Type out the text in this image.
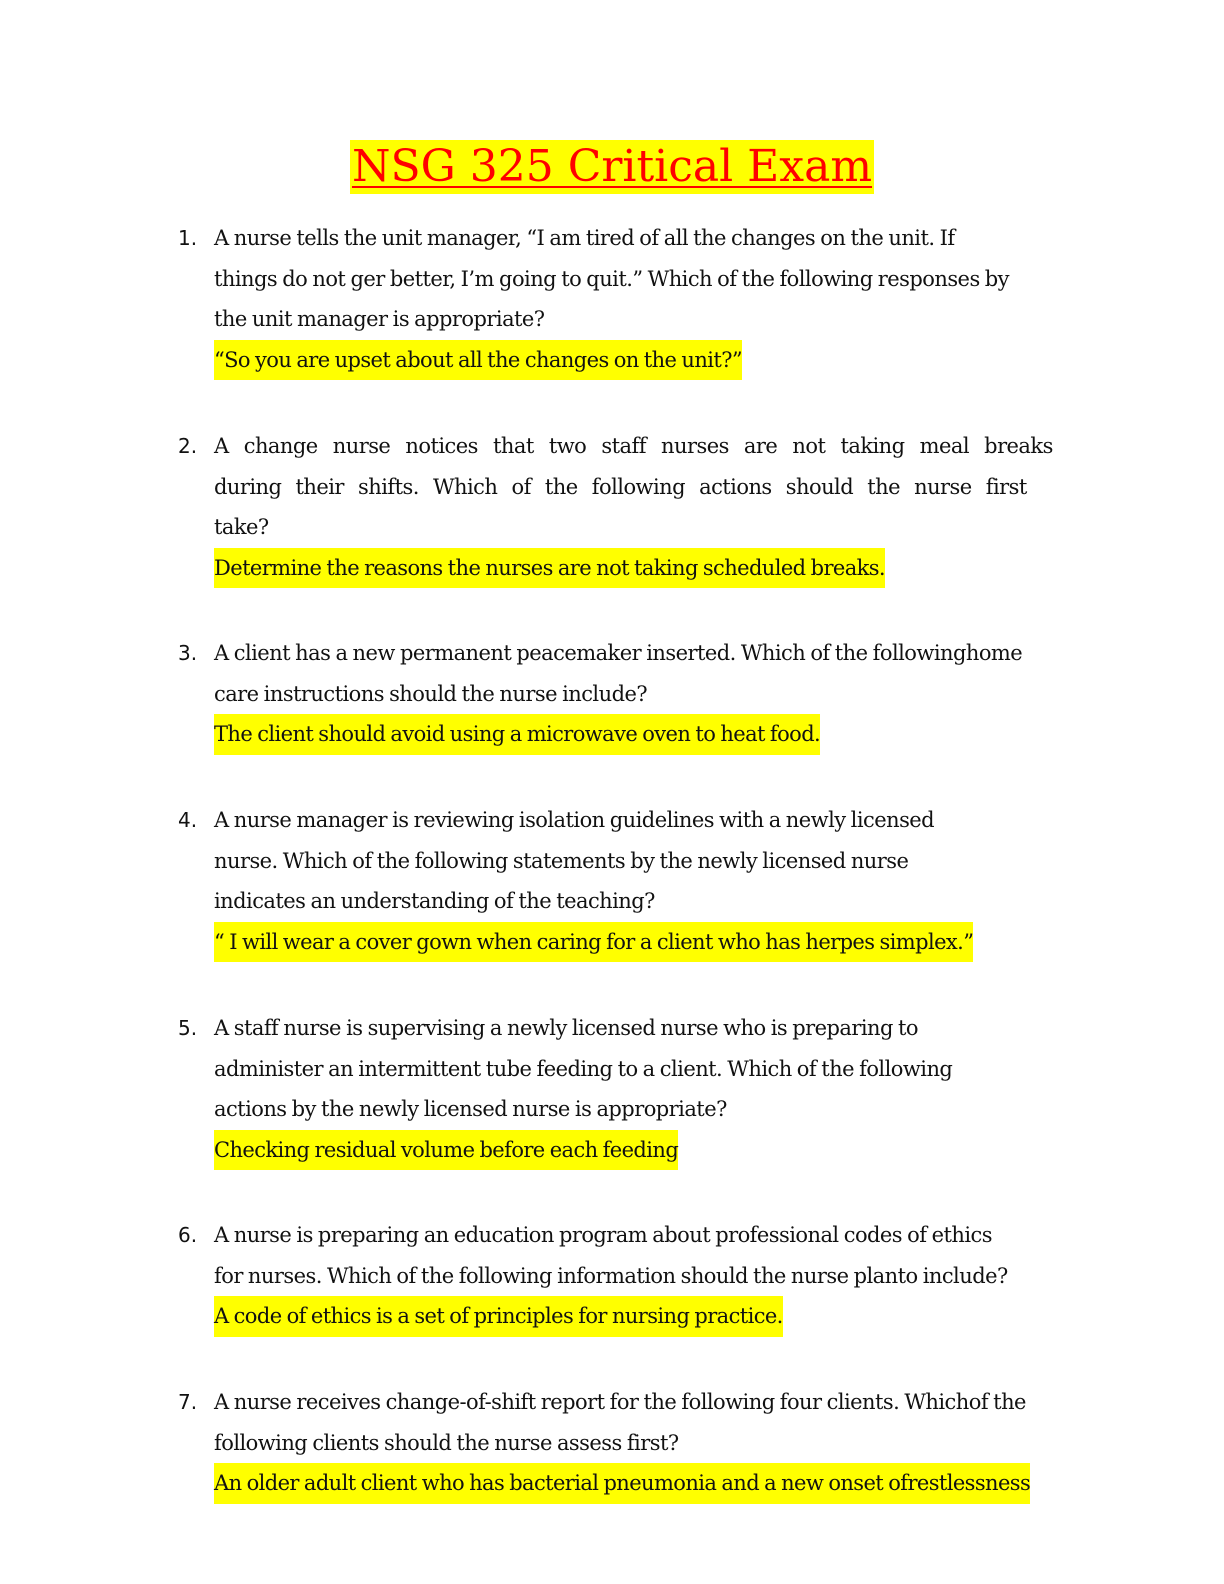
NSG 325 Critical Exam
1. A nurse tells the unit manager, “I am tired of all the changes on the unit. If
things do not ger better, I’m going to quit.” Which of the following responses by
the unit manager is appropriate?
“So you are upset about all the changes on the unit?”
2. A change nurse notices that two staff nurses are not taking meal breaks
during their shifts. Which of the following actions should the nurse first
take?
Determine the reasons the nurses are not taking scheduled breaks.
3. A client has a new permanent peacemaker inserted. Which of the followinghome
care instructions should the nurse include?
The client should avoid using a microwave oven to heat food.
4. A nurse manager is reviewing isolation guidelines with a newly licensed
nurse. Which of the following statements by the newly licensed nurse
indicates an understanding of the teaching?
“ I will wear a cover gown when caring for a client who has herpes simplex.”
5. A staff nurse is supervising a newly licensed nurse who is preparing to
administer an intermittent tube feeding to a client. Which of the following
actions by the newly licensed nurse is appropriate?
Checking residual volume before each feeding
6. A nurse is preparing an education program about professional codes of ethics
for nurses. Which of the following information should the nurse planto include?
A code of ethics is a set of principles for nursing practice.
7. A nurse receives change-of-shift report for the following four clients. Whichof the
following clients should the nurse assess first?
An older adult client who has bacterial pneumonia and a new onset ofrestlessness
